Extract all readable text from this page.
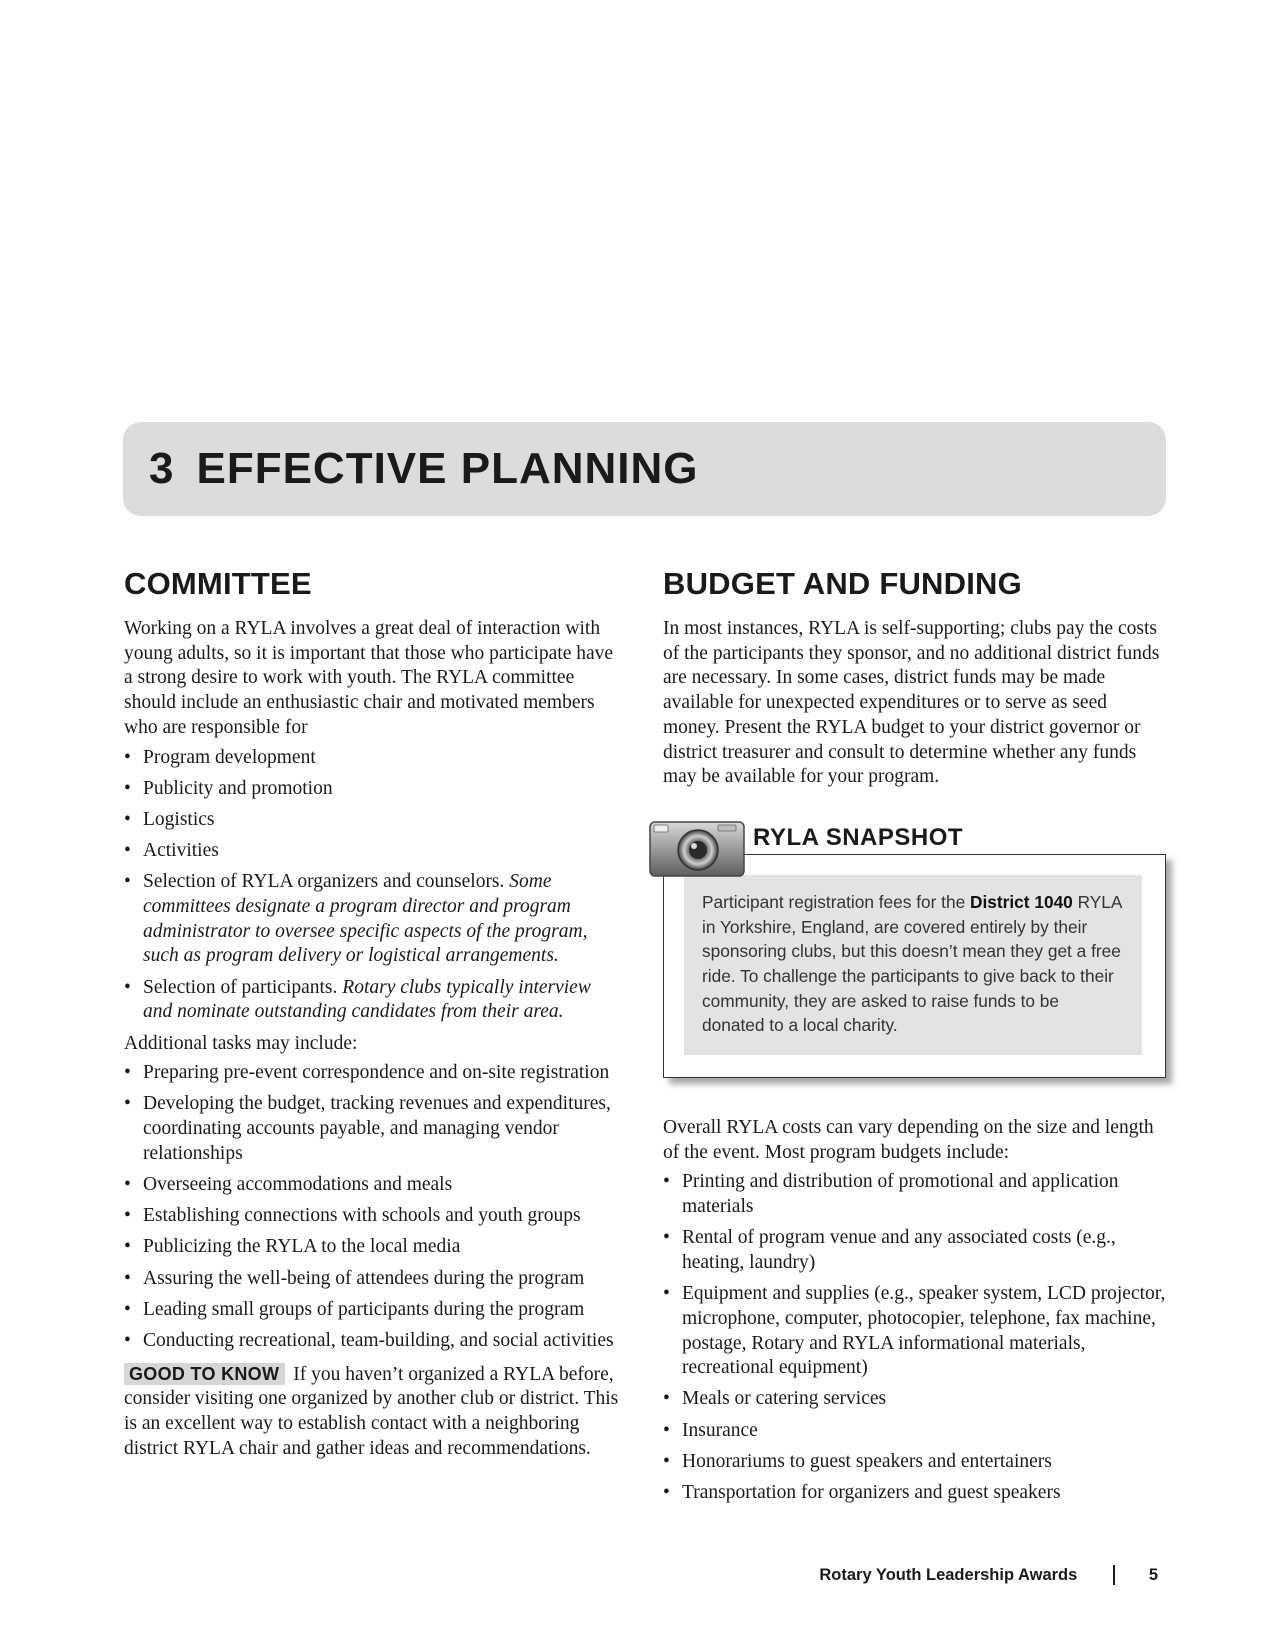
3 EFFECTIVE PLANNING
COMMITTEE

Working on a RYLA involves a great deal of interaction with young adults, so it is important that those who participate have a strong desire to work with youth. The RYLA committee should include an enthusiastic chair and motivated members who are responsible for

• Program development
• Publicity and promotion
• Logistics
• Activities
• Selection of RYLA organizers and counselors. Some committees designate a program director and program administrator to oversee specific aspects of the program, such as program delivery or logistical arrangements.
• Selection of participants. Rotary clubs typically interview and nominate outstanding candidates from their area.

Additional tasks may include:

• Preparing pre-event correspondence and on-site registration
• Developing the budget, tracking revenues and expenditures, coordinating accounts payable, and managing vendor relationships
• Overseeing accommodations and meals
• Establishing connections with schools and youth groups
• Publicizing the RYLA to the local media
• Assuring the well-being of attendees during the program
• Leading small groups of participants during the program
• Conducting recreational, team-building, and social activities

GOOD TO KNOW If you haven’t organized a RYLA before, consider visiting one organized by another club or district. This is an excellent way to establish contact with a neighboring district RYLA chair and gather ideas and recommendations.

BUDGET AND FUNDING

In most instances, RYLA is self-supporting; clubs pay the costs of the participants they sponsor, and no additional district funds are necessary. In some cases, district funds may be made available for unexpected expenditures or to serve as seed money. Present the RYLA budget to your district governor or district treasurer and consult to determine whether any funds may be available for your program.

Participant registration fees for the District 1040 RYLA in Yorkshire, England, are covered entirely by their sponsoring clubs, but this doesn’t mean they get a free ride. To challenge the participants to give back to their community, they are asked to raise funds to be donated to a local charity.
RYLA SNAPSHOT

Overall RYLA costs can vary depending on the size and length of the event. Most program budgets include:

• Printing and distribution of promotional and application materials
• Rental of program venue and any associated costs (e.g., heating, laundry)
• Equipment and supplies (e.g., speaker system, LCD projector, microphone, computer, photocopier, telephone, fax machine, postage, Rotary and RYLA informational materials, recreational equipment)
• Meals or catering services
• Insurance
• Honorariums to guest speakers and entertainers
• Transportation for organizers and guest speakers
Rotary Youth Leadership Awards	5
